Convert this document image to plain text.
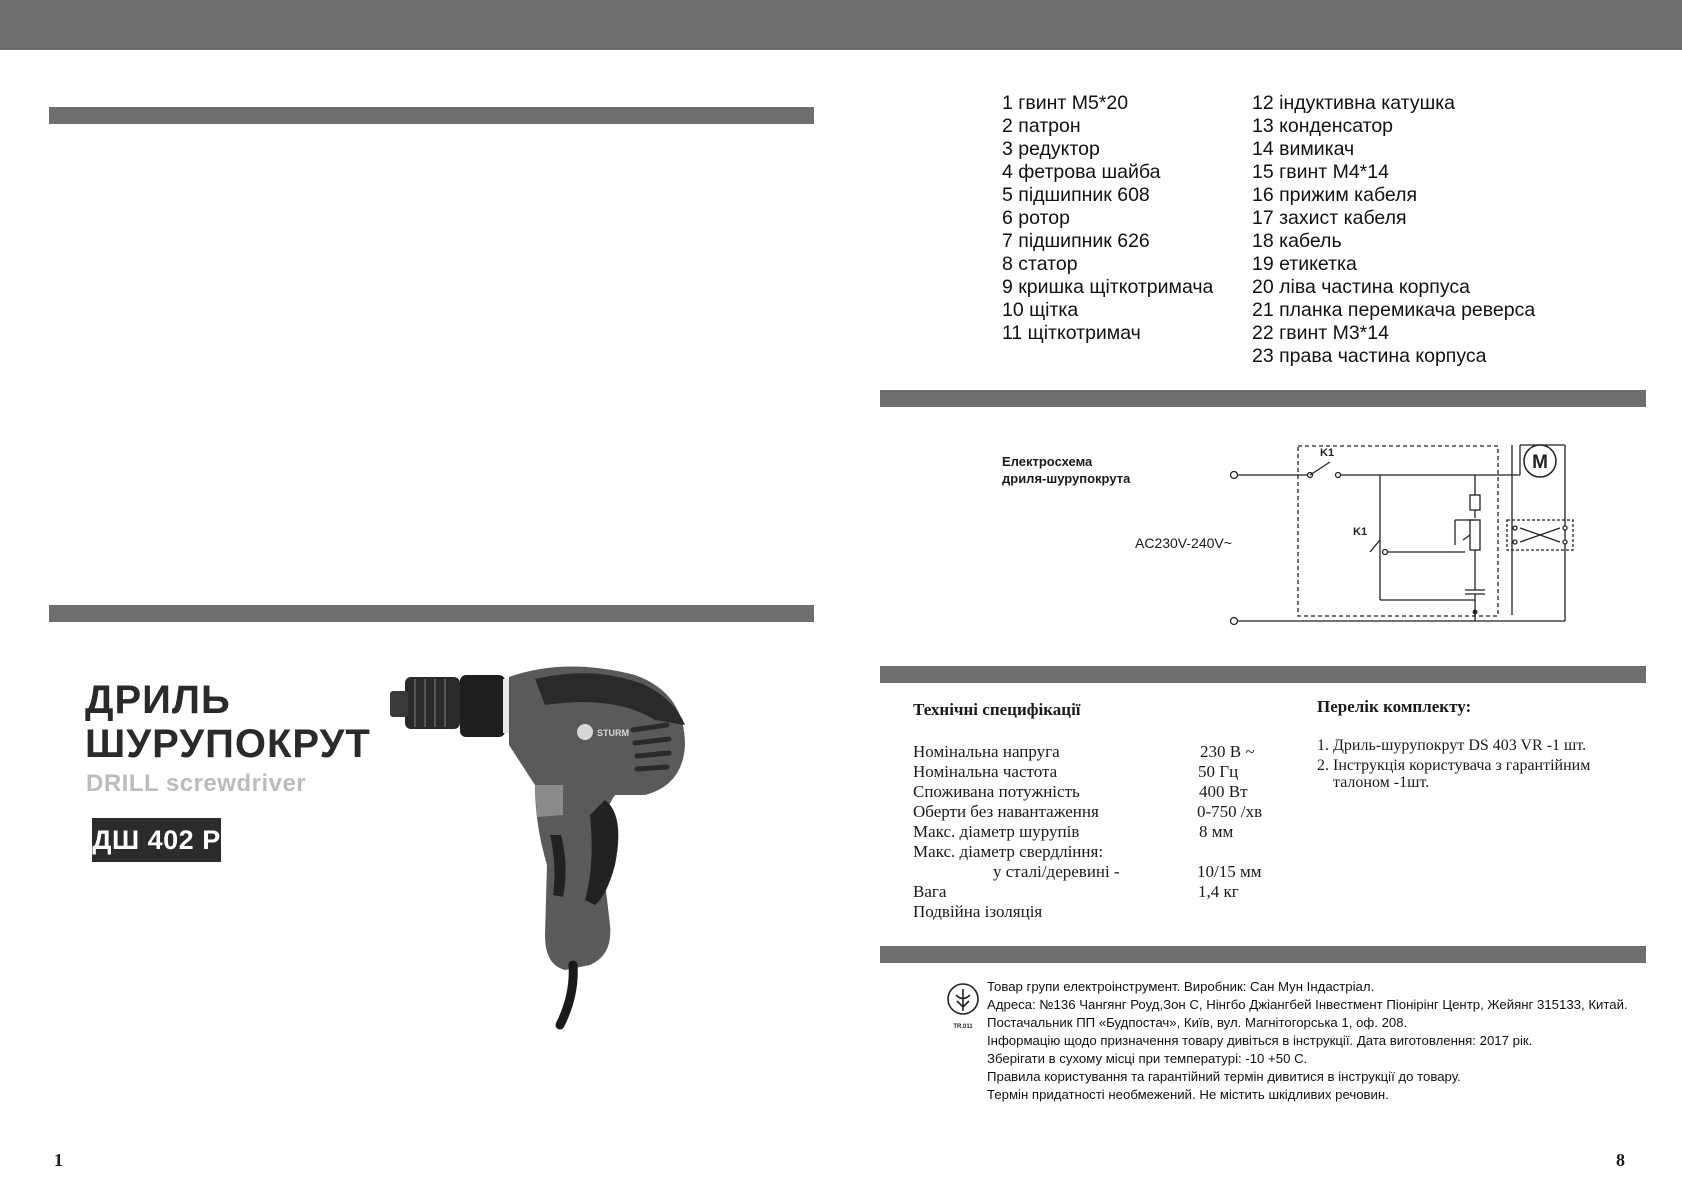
1 гвинт М5*20
2 патрон
3 редуктор
4 фетрова шайба
5 підшипник 608
6 ротор
7 підшипник 626
8 статор
9 кришка щіткотримача
10 щітка
11 щіткотримач
12 індуктивна катушка
13 конденсатор
14 вимикач
15 гвинт М4*14
16 прижим кабеля
17 захист кабеля
18 кабель
19 етикетка
20 ліва частина корпуса
21 планка перемикача реверса
22 гвинт М3*14
23 права частина корпуса
Електросхема
дриля-шурупокрута
AC230V-240V~
K1
K1
M
Технічні специфікації
Номінальна напруга	230 В ~
Номінальна частота	50 Гц
Споживана потужність	400 Вт
Оберти без навантаження	0-750 /хв
Макс. діаметр шурупів	8 мм
Макс. діаметр свердління:
у сталі/деревині -	10/15 мм
Вага	1,4 кг
Подвійна ізоляція
Перелік комплекту:
1. Дриль-шурупокрут DS 403 VR -1 шт.
2. Інструкція користувача з гарантійним
талоном -1шт.
TR.011
Товар групи електроінструмент. Виробник: Сан Мун Індастріал.
Адреса: №136 Чангянг Роуд,Зон С, Нінгбо Джіангбей Інвестмент Піонірінг Центр, Жейянг 315133, Китай.
Постачальник ПП «Будпостач», Київ, вул. Магнітогорська 1, оф. 208.
Інформацію щодо призначення товару дивіться в інструкції. Дата виготовлення: 2017 рік.
Зберігати в сухому місці при температурі: -10 +50 С.
Правила користування та гарантійний термін дивитися в інструкції до товару.
Термін придатності необмежений. Не містить шкідливих речовин.
ДРИЛЬ
ШУРУПОКРУТ
DRILL screwdriver
ДШ 402 Р
STURM
1	8
